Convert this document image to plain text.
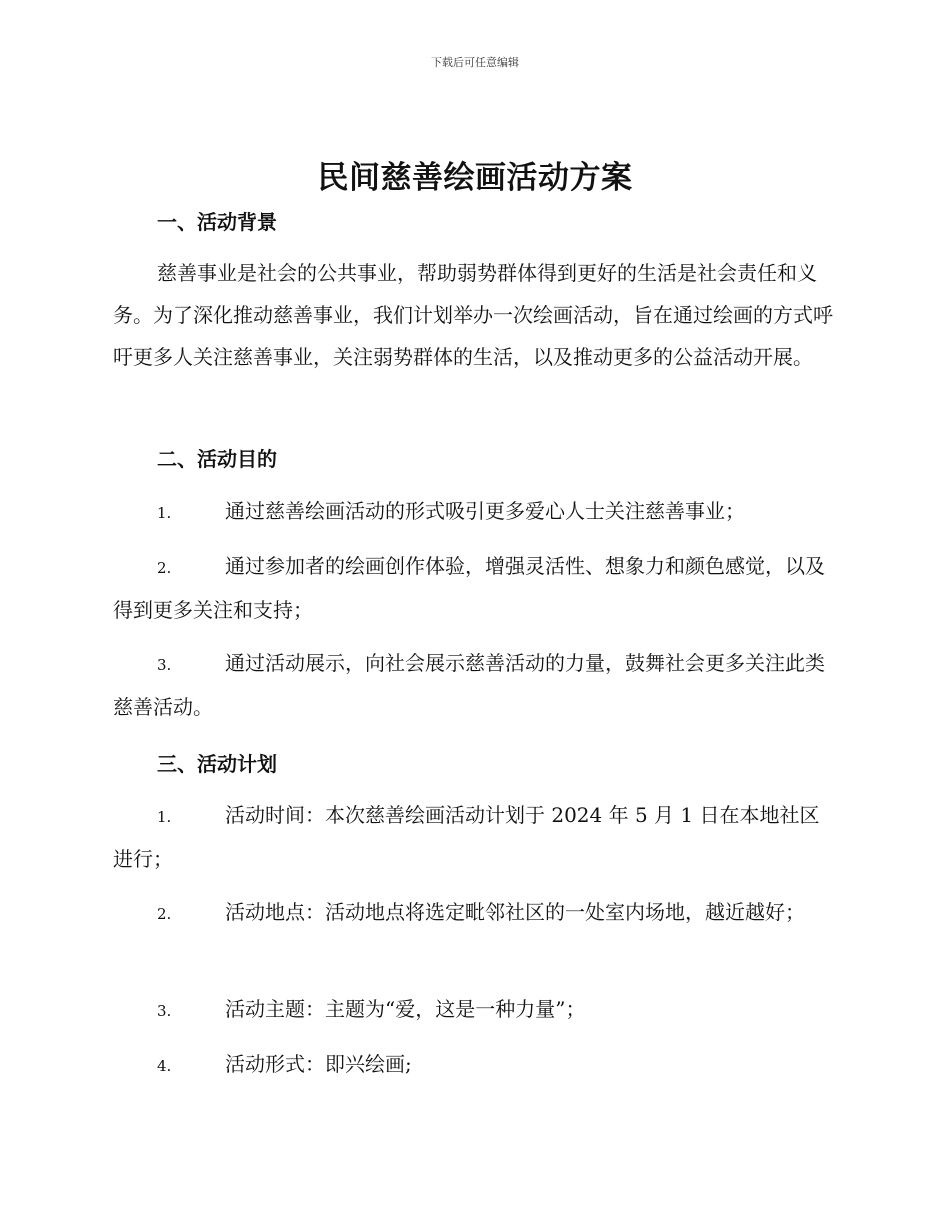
下载后可任意编辑
民间慈善绘画活动方案
一、活动背景

慈善事业是社会的公共事业，帮助弱势群体得到更好的生活是社会责任和义务。为了深化推动慈善事业，我们计划举办一次绘画活动，旨在通过绘画的方式呼吁更多人关注慈善事业，关注弱势群体的生活，以及推动更多的公益活动开展。

二、活动目的
1.	通过慈善绘画活动的形式吸引更多爱心人士关注慈善事业；
2.	通过参加者的绘画创作体验，增强灵活性、想象力和颜色感觉，以及得到更多关注和支持；
3.	通过活动展示，向社会展示慈善活动的力量，鼓舞社会更多关注此类慈善活动。
三、活动计划
1.	活动时间：本次慈善绘画活动计划于 2024 年 5 月 1 日在本地社区进行；
2.	活动地点：活动地点将选定毗邻社区的一处室内场地，越近越好；
3.	活动主题：主题为“爱，这是一种力量”；
4.	活动形式：即兴绘画;
